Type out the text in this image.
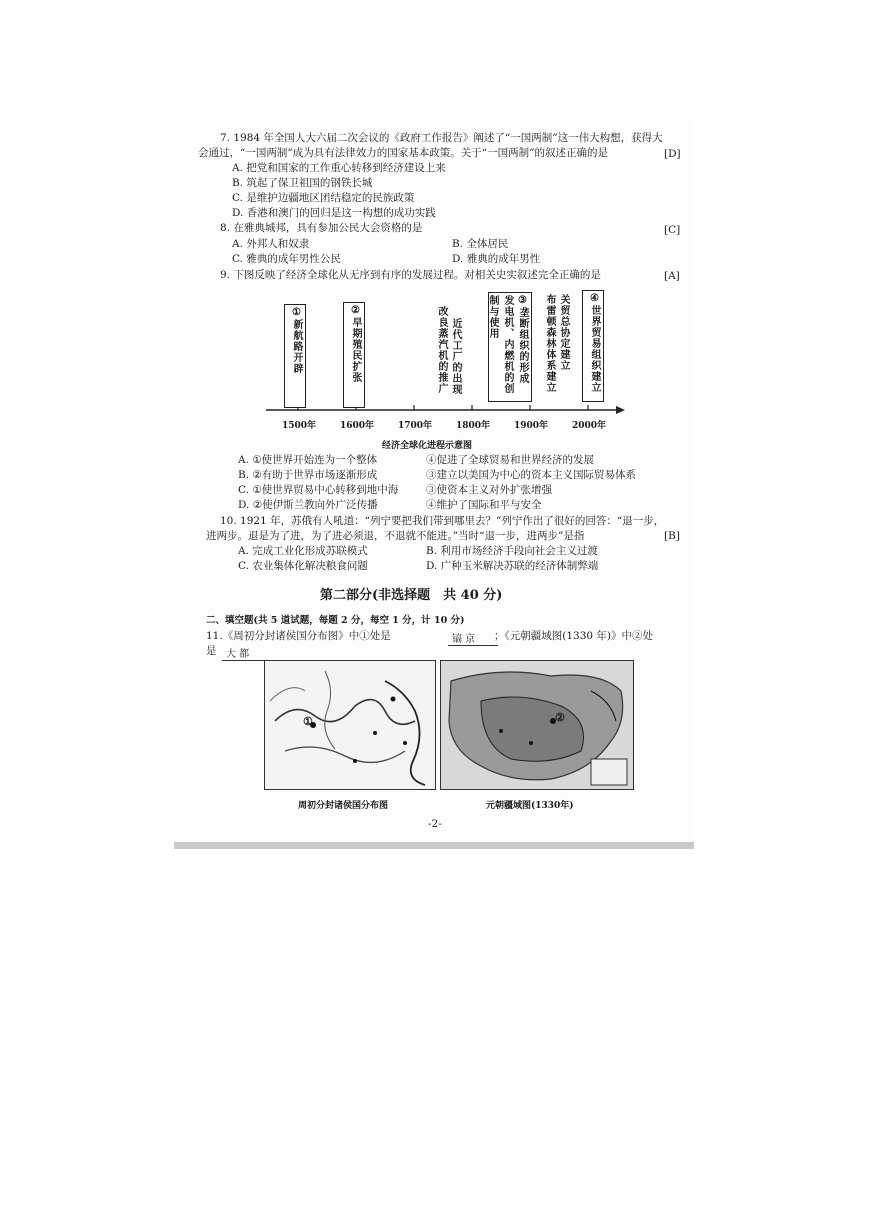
7. 1984 年全国人大六届二次会议的《政府工作报告》阐述了“一国两制”这一伟大构想，获得大
会通过，“一国两制”成为具有法律效力的国家基本政策。关于“一国两制”的叙述正确的是	[D]
A. 把党和国家的工作重心转移到经济建设上来
B. 筑起了保卫祖国的钢铁长城
C. 是维护边疆地区团结稳定的民族政策
D. 香港和澳门的回归是这一构想的成功实践
8. 在雅典城邦，具有参加公民大会资格的是	[C]
A. 外邦人和奴隶	B. 全体居民
C. 雅典的成年男性公民	D. 雅典的成年男性
9. 下图反映了经济全球化从无序到有序的发展过程。对相关史实叙述完全正确的是	[A]
①新航路开辟
②早期殖民扩张
③垄断组织的形成 发电机、内燃机的创制与使用	④世界贸易组织建立
改良蒸汽机的推广 近代工厂的出现	关贸总协定建立
布雷顿森林体系建立
1500年	1600年	1700年	1800年	1900年	2000年
经济全球化进程示意图
A. ①使世界开始连为一个整体	④促进了全球贸易和世界经济的发展
B. ②有助于世界市场逐渐形成	③建立以美国为中心的资本主义国际贸易体系
C. ①使世界贸易中心转移到地中海	③使资本主义对外扩张增强
D. ②使伊斯兰教向外广泛传播	④维护了国际和平与安全
10. 1921 年，苏俄有人吼道：“列宁要把我们带到哪里去？”列宁作出了很好的回答：“退一步，
进两步。退是为了进，为了进必须退，不退就不能进。”当时“退一步，进两步”是指	[B]
A. 完成工业化形成苏联模式	B. 利用市场经济手段向社会主义过渡
C. 农业集体化解决粮食问题	D. 广种玉米解决苏联的经济体制弊端
第二部分(非选择题　共 40 分)
二、填空题(共 5 道试题，每题 2 分，每空 1 分，计 10 分)
11.《周初分封诸侯国分布图》中①处是	镐 京	；《元朝疆域图(1330 年)》中②处
是 大 都
①
周初分封诸侯国分布图
②
元朝疆域图(1330年)
-2-
